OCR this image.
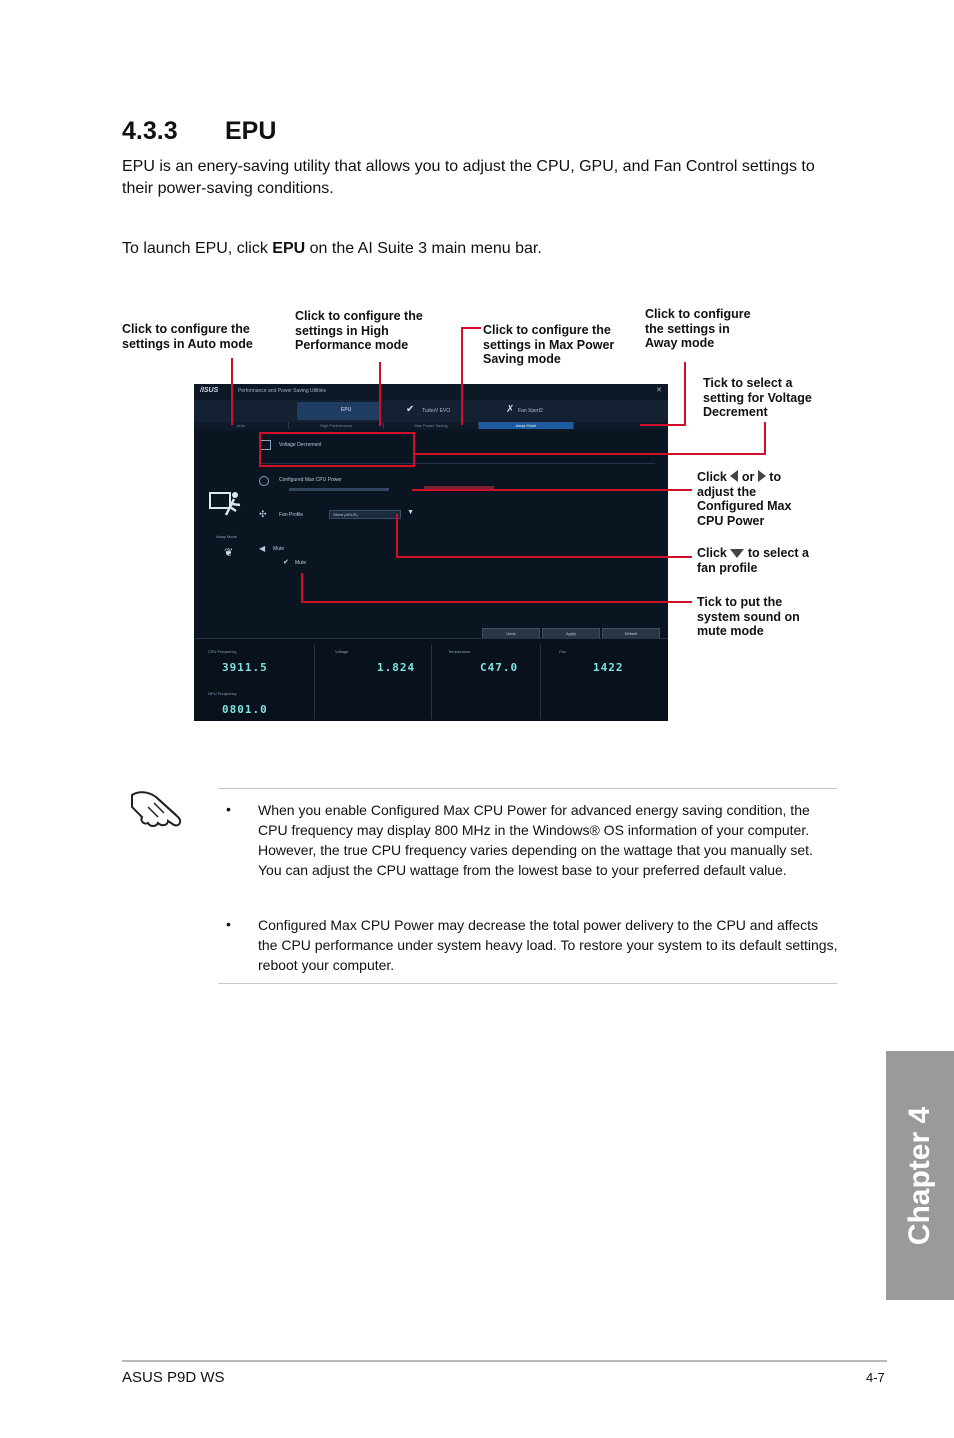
4.3.3 EPU
EPU is an enery-saving utility that allows you to adjust the CPU, GPU, and Fan Control settings to their power-saving conditions.
To launch EPU, click EPU on the AI Suite 3 main menu bar.
Click to configure the settings in Auto mode
Click to configure the settings in High Performance mode
Click to configure the settings in Max Power Saving mode
Click to configure the settings in Away mode
Tick to select a setting for Voltage Decrement
Click  or  to adjust the Configured Max CPU Power
Click  to select a fan profile
Tick to put the system sound on mute mode
/ISUS	Performance and Power Saving Utilities	✕
EPU	✔ TurboV EVO	✗ Fan Xpert2
Auto	High Performance	Max Power Saving	Away Mode
Away Mode
❦
Voltage Decrement
Configured Max CPU Power
✣ Fan Profile	Silent (ASUS)	▼
◀ Mute
✔ Mute
Undo	Apply	Default
CPU Frequency
3911.5
GPU Frequency
0801.0
Voltage
1.824
Temperature
C47.0
Fan
1422
• When you enable Configured Max CPU Power for advanced energy saving condition, the CPU frequency may display 800 MHz in the Windows® OS information of your computer. However, the true CPU frequency varies depending on the wattage that you manually set. You can adjust the CPU wattage from the lowest base to your preferred default value.
• Configured Max CPU Power may decrease the total power delivery to the CPU and affects the CPU performance under system heavy load. To restore your system to its default settings, reboot your computer.
Chapter 4
ASUS P9D WS	4-7
